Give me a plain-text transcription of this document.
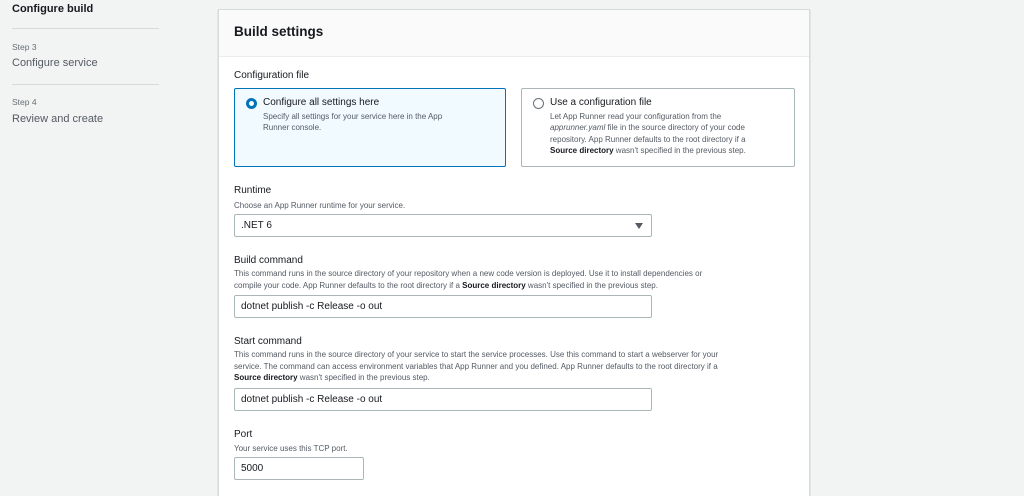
Configure build
Step 3
Configure service
Step 4
Review and create
Build settings
Configuration file
Configure all settings here
Specify all settings for your service here in the App
Runner console.
Use a configuration file
Let App Runner read your configuration from the
apprunner.yaml file in the source directory of your code
repository. App Runner defaults to the root directory if a
Source directory wasn't specified in the previous step.
Runtime
Choose an App Runner runtime for your service.
.NET 6
Build command
This command runs in the source directory of your repository when a new code version is deployed. Use it to install dependencies or
compile your code. App Runner defaults to the root directory if a Source directory wasn't specified in the previous step.
dotnet publish -c Release -o out
Start command
This command runs in the source directory of your service to start the service processes. Use this command to start a webserver for your
service. The command can access environment variables that App Runner and you defined. App Runner defaults to the root directory if a
Source directory wasn't specified in the previous step.
dotnet publish -c Release -o out
Port
Your service uses this TCP port.
5000
